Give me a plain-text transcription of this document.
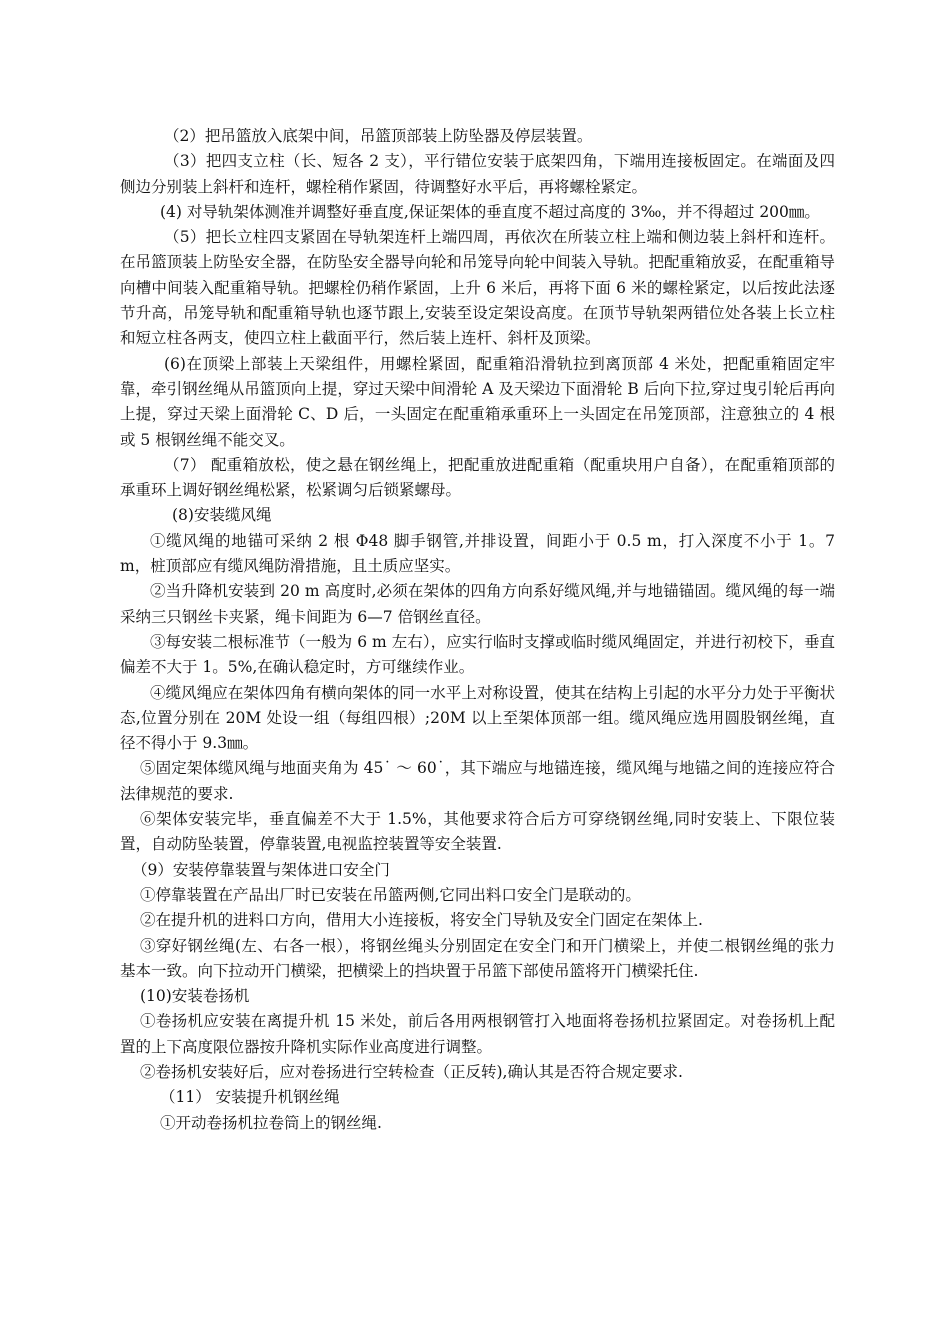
（2）把吊篮放入底架中间，吊篮顶部装上防坠器及停层装置。

（3）把四支立柱（长、短各 2 支），平行错位安装于底架四角，下端用连接板固定。在端面及四侧边分别装上斜杆和连杆，螺栓稍作紧固，待调整好水平后，再将螺栓紧定。

(4) 对导轨架体测准并调整好垂直度,保证架体的垂直度不超过高度的 3‰，并不得超过 200㎜。

（5）把长立柱四支紧固在导轨架连杆上端四周，再依次在所装立柱上端和侧边装上斜杆和连杆。在吊篮顶装上防坠安全器，在防坠安全器导向轮和吊笼导向轮中间装入导轨。把配重箱放妥，在配重箱导向槽中间装入配重箱导轨。把螺栓仍稍作紧固，上升 6 米后，再将下面 6 米的螺栓紧定，以后按此法逐节升高，吊笼导轨和配重箱导轨也逐节跟上,安装至设定架设高度。在顶节导轨架两错位处各装上长立柱和短立柱各两支，使四立柱上截面平行，然后装上连杆、斜杆及顶梁。

(6)在顶梁上部装上天梁组件，用螺栓紧固，配重箱沿滑轨拉到离顶部 4 米处，把配重箱固定牢靠，牵引钢丝绳从吊篮顶向上提，穿过天梁中间滑轮 A 及天梁边下面滑轮 B 后向下拉,穿过曳引轮后再向上提，穿过天梁上面滑轮 C、D 后，一头固定在配重箱承重环上一头固定在吊笼顶部，注意独立的 4 根或 5 根钢丝绳不能交叉。

（7） 配重箱放松，使之悬在钢丝绳上，把配重放进配重箱（配重块用户自备），在配重箱顶部的承重环上调好钢丝绳松紧，松紧调匀后锁紧螺母。

(8)安装缆风绳

①缆风绳的地锚可采纳 2 根 Φ48 脚手钢管,并排设置，间距小于 0.5 m，打入深度不小于 1。7 m，桩顶部应有缆风绳防滑措施，且土质应坚实。

②当升降机安装到 20 m 高度时,必须在架体的四角方向系好缆风绳,并与地锚锚固。缆风绳的每一端采纳三只钢丝卡夹紧，绳卡间距为 6—7 倍钢丝直径。

③每安装二根标准节（一般为 6 m 左右），应实行临时支撑或临时缆风绳固定，并进行初校下，垂直偏差不大于 1。5%,在确认稳定时，方可继续作业。

④缆风绳应在架体四角有横向架体的同一水平上对称设置，使其在结构上引起的水平分力处于平衡状态,位置分别在 20M 处设一组（每组四根）;20M 以上至架体顶部一组。缆风绳应选用圆股钢丝绳，直径不得小于 9.3㎜。

⑤固定架体缆风绳与地面夹角为 45˙ ～ 60˙，其下端应与地锚连接，缆风绳与地锚之间的连接应符合法律规范的要求.

⑥架体安装完毕，垂直偏差不大于 1.5%，其他要求符合后方可穿绕钢丝绳,同时安装上、下限位装置，自动防坠装置，停靠装置,电视监控装置等安全装置.

（9）安装停靠装置与架体进口安全门

①停靠装置在产品出厂时已安装在吊篮两侧,它同出料口安全门是联动的。

②在提升机的进料口方向，借用大小连接板，将安全门导轨及安全门固定在架体上.

③穿好钢丝绳(左、右各一根），将钢丝绳头分别固定在安全门和开门横梁上，并使二根钢丝绳的张力基本一致。向下拉动开门横梁，把横梁上的挡块置于吊篮下部使吊篮将开门横梁托住.

(10)安装卷扬机

①卷扬机应安装在离提升机 15 米处，前后各用两根钢管打入地面将卷扬机拉紧固定。对卷扬机上配置的上下高度限位器按升降机实际作业高度进行调整。

②卷扬机安装好后，应对卷扬进行空转检查（正反转),确认其是否符合规定要求.

（11） 安装提升机钢丝绳

①开动卷扬机拉卷筒上的钢丝绳.
